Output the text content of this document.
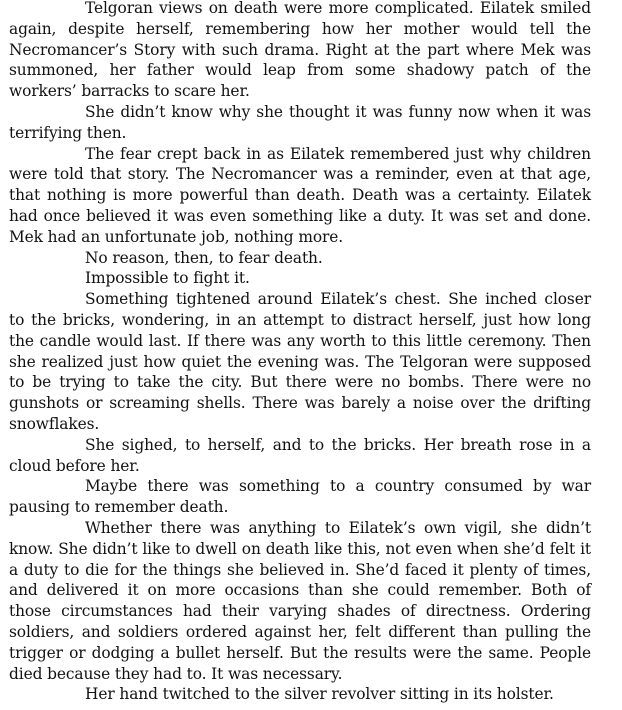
Telgoran views on death were more complicated. Eilatek smiled again, despite herself, remembering how her mother would tell the Necromancer’s Story with such drama. Right at the part where Mek was summoned, her father would leap from some shadowy patch of the workers’ barracks to scare her.

She didn’t know why she thought it was funny now when it was terrifying then.

The fear crept back in as Eilatek remembered just why children were told that story. The Necromancer was a reminder, even at that age, that nothing is more powerful than death. Death was a certainty. Eilatek had once believed it was even something like a duty. It was set and done. Mek had an unfortunate job, nothing more.

No reason, then, to fear death.

Impossible to fight it.

Something tightened around Eilatek’s chest. She inched closer to the bricks, wondering, in an attempt to distract herself, just how long the candle would last. If there was any worth to this little ceremony. Then she realized just how quiet the evening was. The Telgoran were supposed to be trying to take the city. But there were no bombs. There were no gunshots or screaming shells. There was barely a noise over the drifting snowflakes.

She sighed, to herself, and to the bricks. Her breath rose in a cloud before her.

Maybe there was something to a country consumed by war pausing to remember death.

Whether there was anything to Eilatek’s own vigil, she didn’t know. She didn’t like to dwell on death like this, not even when she’d felt it a duty to die for the things she believed in. She’d faced it plenty of times, and delivered it on more occasions than she could remember. Both of those circumstances had their varying shades of directness. Ordering soldiers, and soldiers ordered against her, felt different than pulling the trigger or dodging a bullet herself. But the results were the same. People died because they had to. It was necessary.

Her hand twitched to the silver revolver sitting in its holster.
